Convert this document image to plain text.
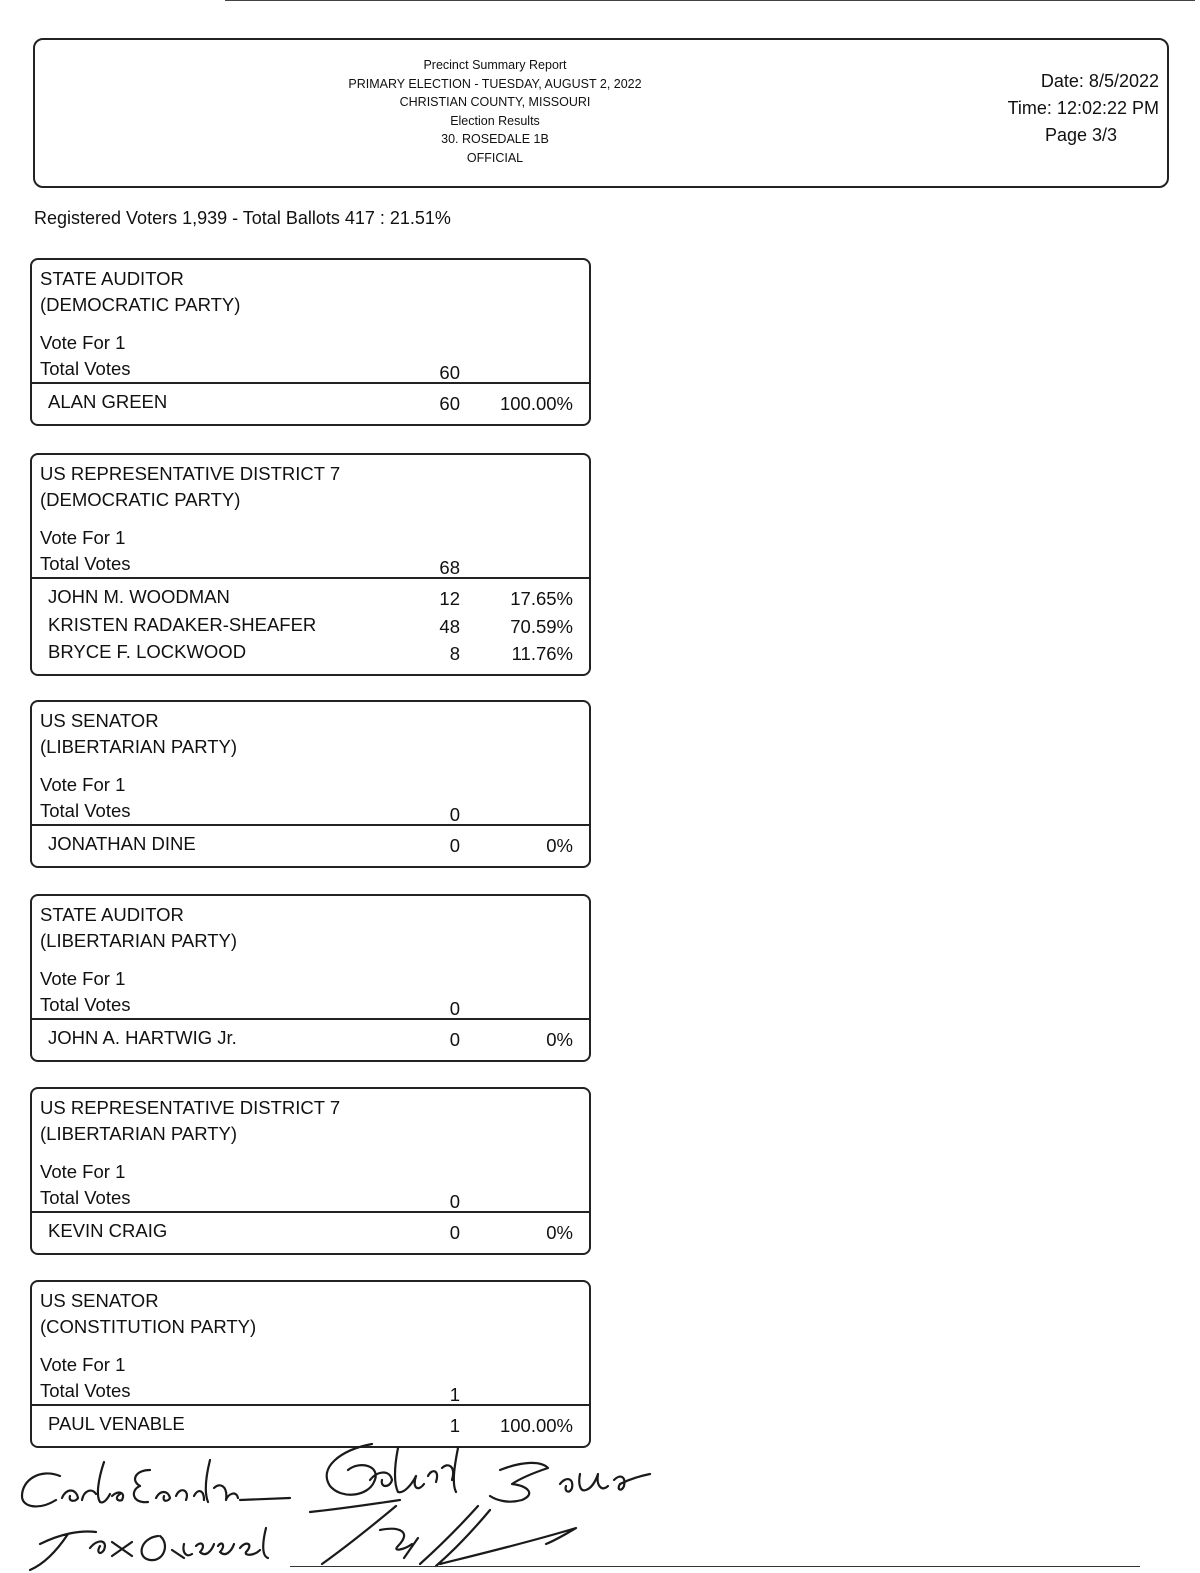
Precinct Summary Report
PRIMARY ELECTION - TUESDAY, AUGUST 2, 2022
CHRISTIAN COUNTY, MISSOURI
Election Results
30. ROSEDALE 1B
OFFICIAL
Date: 8/5/2022
Time: 12:02:22 PM
Page 3/3
Registered Voters 1,939 - Total Ballots 417 : 21.51%
STATE AUDITOR
(DEMOCRATIC PARTY)
Vote For 1
Total Votes	60
ALAN GREEN	60 100.00%
US REPRESENTATIVE DISTRICT 7
(DEMOCRATIC PARTY)
Vote For 1
Total Votes	68
JOHN M. WOODMAN	12	17.65%
KRISTEN RADAKER-SHEAFER	48	70.59%
BRYCE F. LOCKWOOD	8	11.76%
US SENATOR
(LIBERTARIAN PARTY)
Vote For 1
Total Votes	0
JONATHAN DINE	0	0%
STATE AUDITOR
(LIBERTARIAN PARTY)
Vote For 1
Total Votes	0
JOHN A. HARTWIG Jr.	0	0%
US REPRESENTATIVE DISTRICT 7
(LIBERTARIAN PARTY)
Vote For 1
Total Votes	0
KEVIN CRAIG	0	0%
US SENATOR
(CONSTITUTION PARTY)
Vote For 1
Total Votes	1
PAUL VENABLE	1 100.00%
